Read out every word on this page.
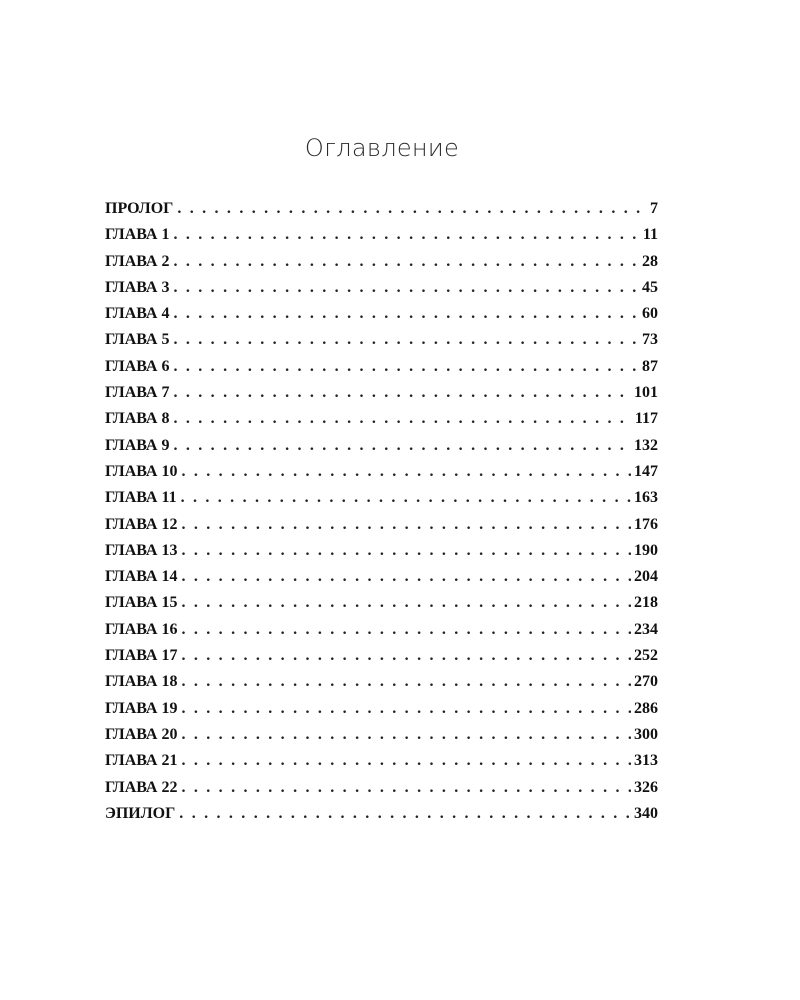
Оглавление
ПРОЛОГ . . .	7
ГЛАВА 1 . . .	11
ГЛАВА 2 . . .	28
ГЛАВА 3 . . .	45
ГЛАВА 4 . . .	60
ГЛАВА 5 . . .	73
ГЛАВА 6 . . .	87
ГЛАВА 7 . . .	101
ГЛАВА 8 . . .	117
ГЛАВА 9 . . .	132
ГЛАВА 10 . . .	147
ГЛАВА 11 . . .	163
ГЛАВА 12 . . .	176
ГЛАВА 13 . . .	190
ГЛАВА 14 . . .	204
ГЛАВА 15 . . .	218
ГЛАВА 16 . . .	234
ГЛАВА 17 . . .	252
ГЛАВА 18 . . .	270
ГЛАВА 19 . . .	286
ГЛАВА 20 . . .	300
ГЛАВА 21 . . .	313
ГЛАВА 22 . . .	326
ЭПИЛОГ . . .	340
